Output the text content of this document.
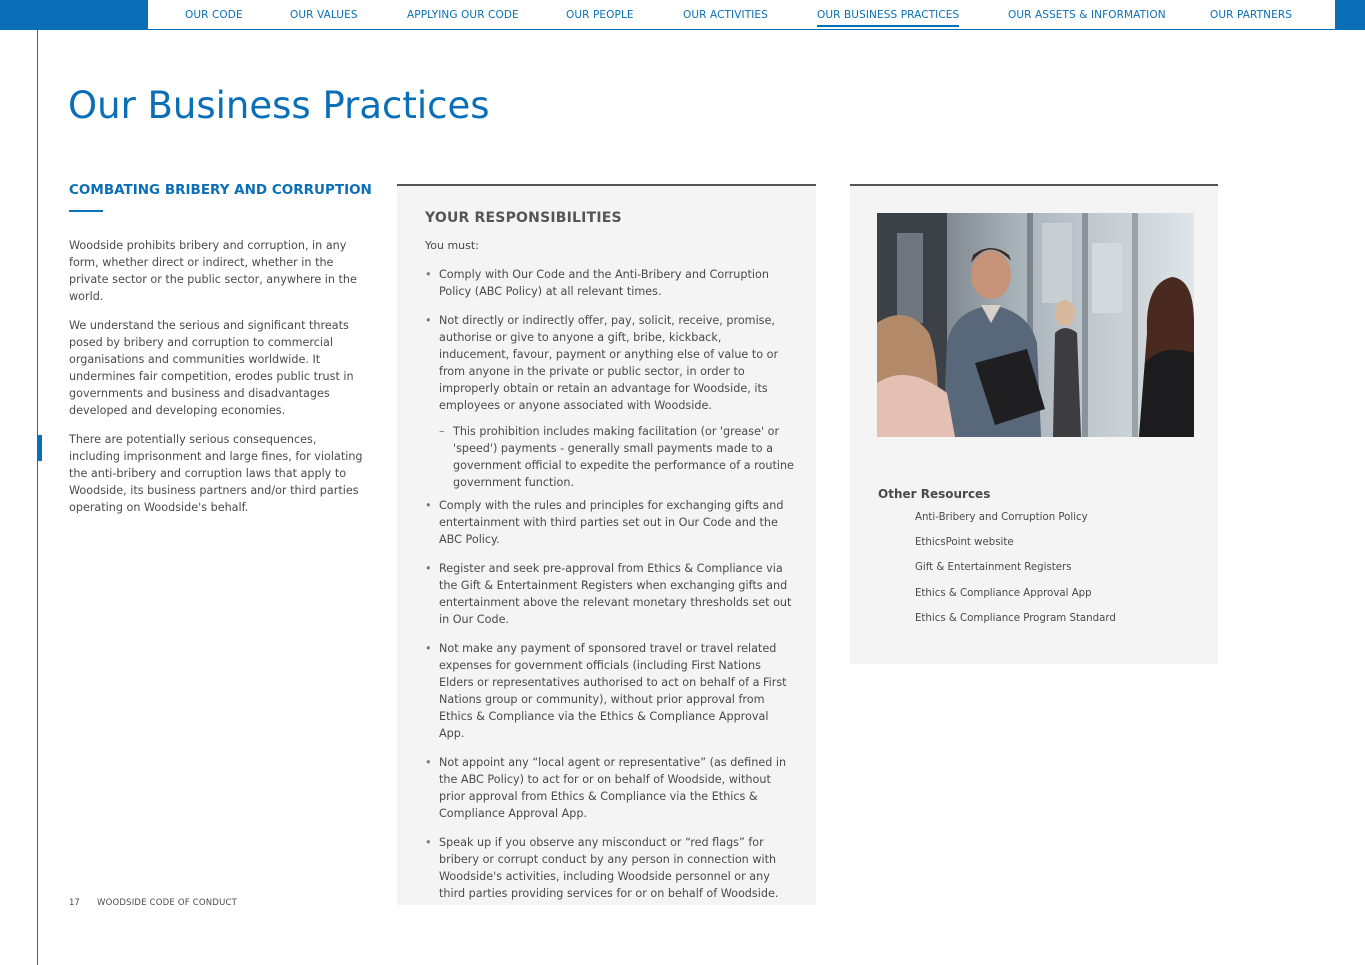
OUR CODE	OUR VALUES	APPLYING OUR CODE	OUR PEOPLE	OUR ACTIVITIES	OUR BUSINESS PRACTICES	OUR ASSETS & INFORMATION	OUR PARTNERS
Our Business Practices
COMBATING BRIBERY AND CORRUPTION

Woodside prohibits bribery and corruption, in any form, whether direct or indirect, whether in the private sector or the public sector, anywhere in the world.

We understand the serious and significant threats posed by bribery and corruption to commercial organisations and communities worldwide. It undermines fair competition, erodes public trust in governments and business and disadvantages developed and developing economies.

There are potentially serious consequences, including imprisonment and large fines, for violating the anti-bribery and corruption laws that apply to Woodside, its business partners and/or third parties operating on Woodside's behalf.

YOUR RESPONSIBILITIES

You must:

• Comply with Our Code and the Anti-Bribery and Corruption Policy (ABC Policy) at all relevant times.
• Not directly or indirectly offer, pay, solicit, receive, promise, authorise or give to anyone a gift, bribe, kickback, inducement, favour, payment or anything else of value to or from anyone in the private or public sector, in order to improperly obtain or retain an advantage for Woodside, its employees or anyone associated with Woodside.
– This prohibition includes making facilitation (or 'grease' or 'speed') payments - generally small payments made to a government official to expedite the performance of a routine government function.
• Comply with the rules and principles for exchanging gifts and entertainment with third parties set out in Our Code and the ABC Policy.
• Register and seek pre-approval from Ethics & Compliance via the Gift & Entertainment Registers when exchanging gifts and entertainment above the relevant monetary thresholds set out in Our Code.
• Not make any payment of sponsored travel or travel related expenses for government officials (including First Nations Elders or representatives authorised to act on behalf of a First Nations group or community), without prior approval from Ethics & Compliance via the Ethics & Compliance Approval App.
• Not appoint any “local agent or representative” (as defined in the ABC Policy) to act for or on behalf of Woodside, without prior approval from Ethics & Compliance via the Ethics & Compliance Approval App.
• Speak up if you observe any misconduct or “red flags” for bribery or corrupt conduct by any person in connection with Woodside's activities, including Woodside personnel or any third parties providing services for or on behalf of Woodside.
Other Resources
Anti-Bribery and Corruption Policy
EthicsPoint website
Gift & Entertainment Registers
Ethics & Compliance Approval App
Ethics & Compliance Program Standard
17 WOODSIDE CODE OF CONDUCT
